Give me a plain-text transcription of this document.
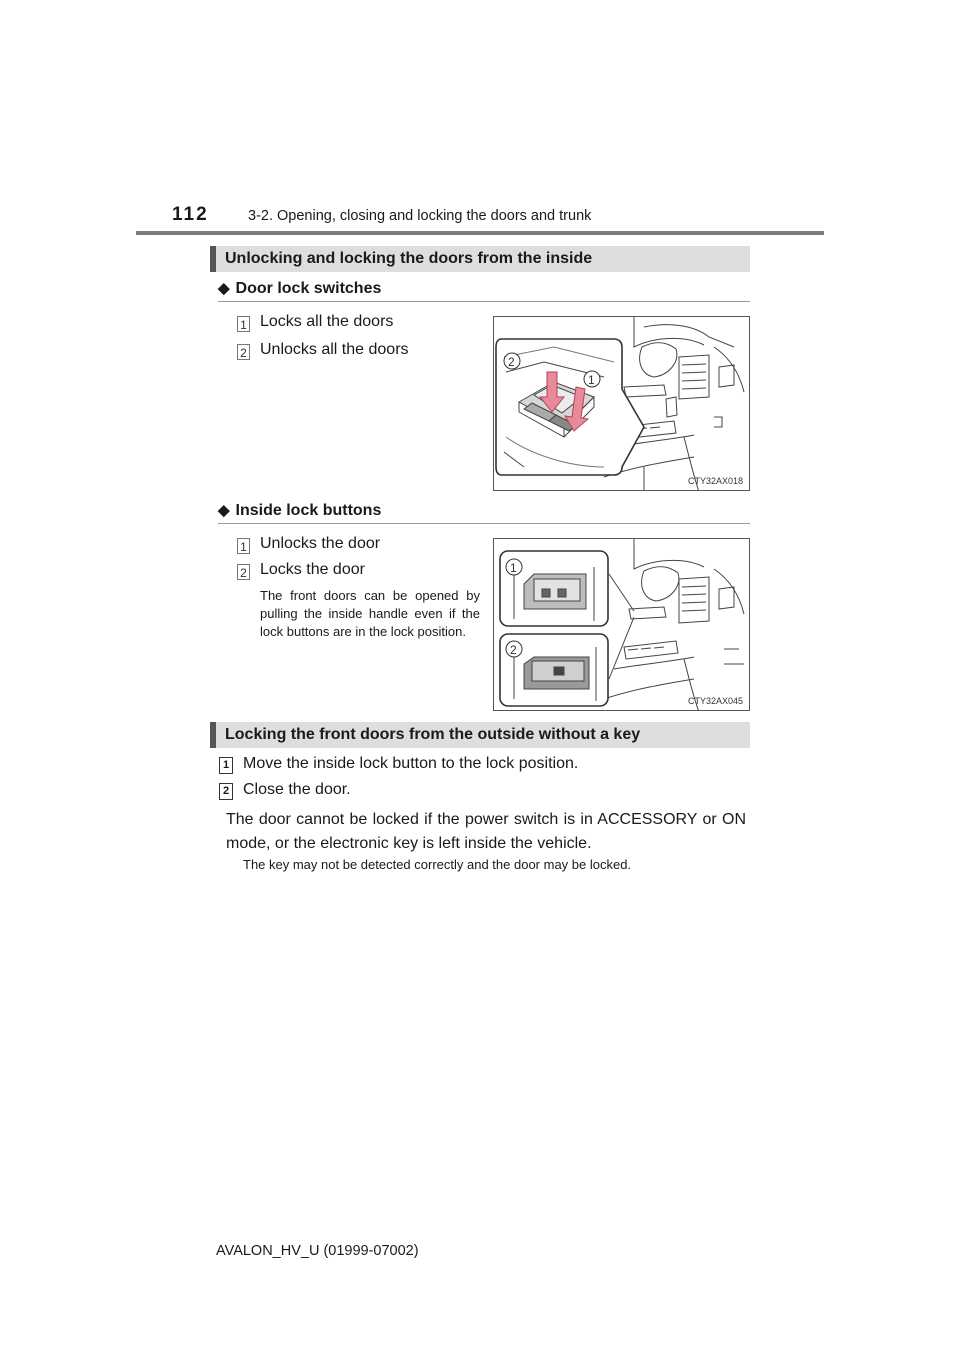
112	3-2. Opening, closing and locking the doors and trunk
Unlocking and locking the doors from the inside
◆ Door lock switches
1 Locks all the doors
2 Unlocks all the doors
2
1
CTY32AX018
◆ Inside lock buttons
1 Unlocks the door
2 Locks the door
The front doors can be opened by pulling the inside handle even if the lock buttons are in the lock position.
1
2
CTY32AX045
Locking the front doors from the outside without a key
1 Move the inside lock button to the lock position.
2 Close the door.
The door cannot be locked if the power switch is in ACCESSORY or ON mode, or the electronic key is left inside the vehicle.
The key may not be detected correctly and the door may be locked.
AVALON_HV_U (01999-07002)
